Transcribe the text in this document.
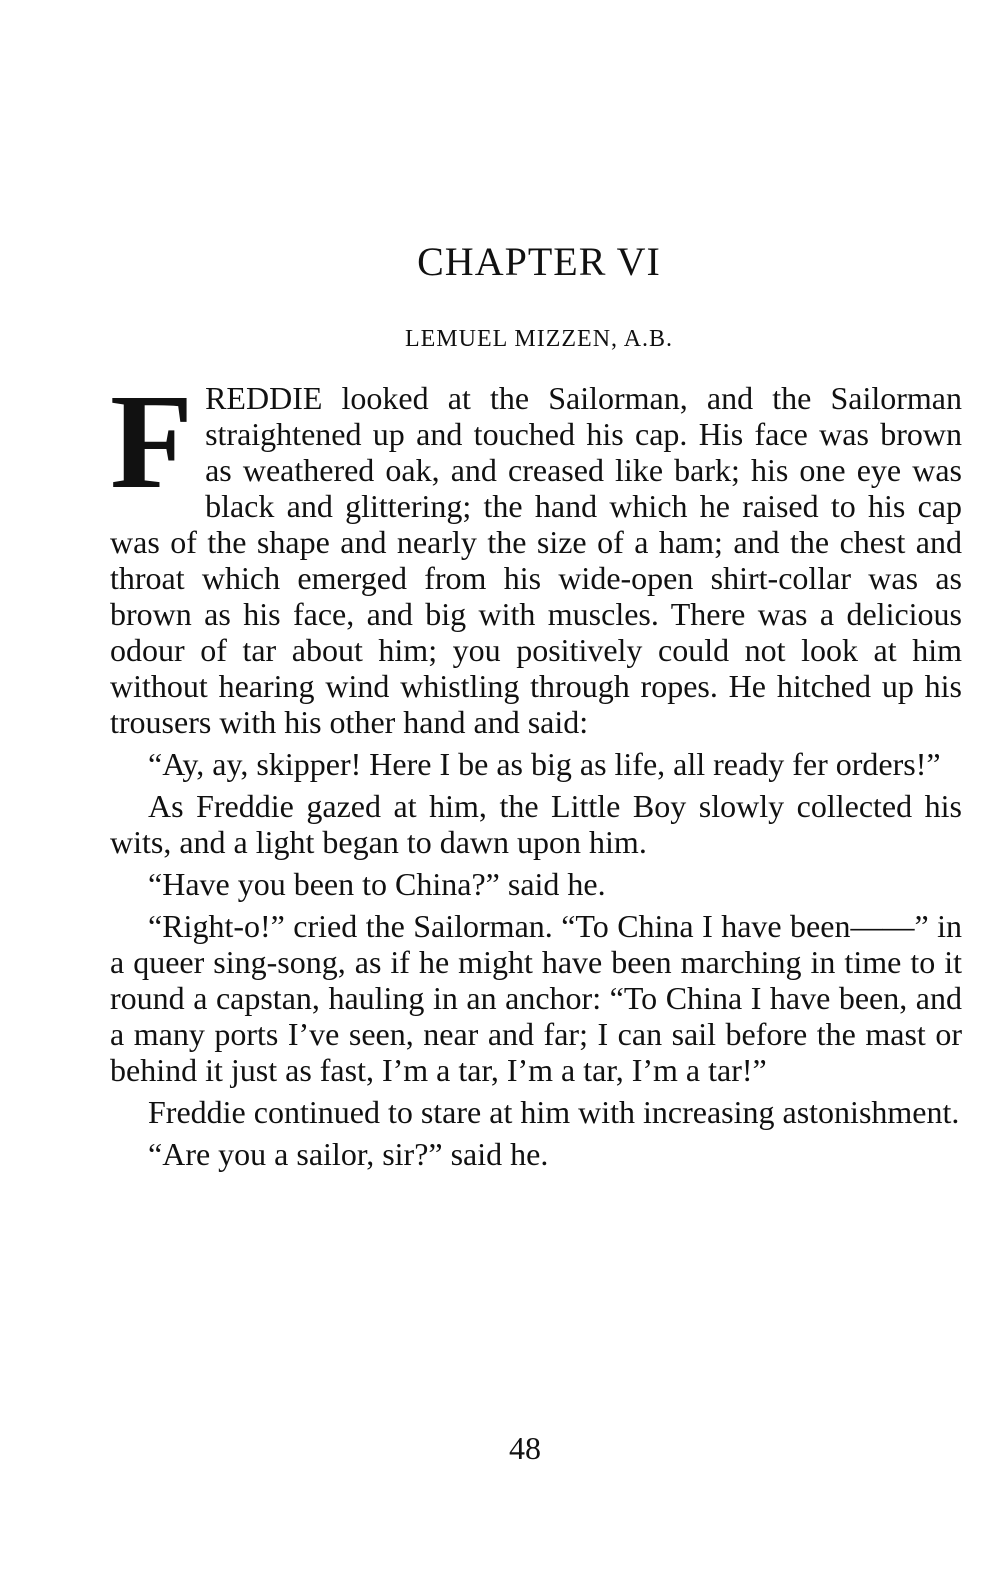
CHAPTER VI
LEMUEL MIZZEN, A.B.

FREDDIE looked at the Sailorman, and the Sailorman straightened up and touched his cap. His face was brown as weathered oak, and creased like bark; his one eye was black and glittering; the hand which he raised to his cap was of the shape and nearly the size of a ham; and the chest and throat which emerged from his wide-open shirt-collar was as brown as his face, and big with muscles. There was a delicious odour of tar about him; you positively could not look at him without hearing wind whistling through ropes. He hitched up his trousers with his other hand and said:

“Ay, ay, skipper! Here I be as big as life, all ready fer orders!”

As Freddie gazed at him, the Little Boy slowly collected his wits, and a light began to dawn upon him.

“Have you been to China?” said he.

“Right-o!” cried the Sailorman. “To China I have been——” in a queer sing-song, as if he might have been marching in time to it round a capstan, hauling in an anchor: “To China I have been, and a many ports I’ve seen, near and far; I can sail before the mast or behind it just as fast, I’m a tar, I’m a tar, I’m a tar!”

Freddie continued to stare at him with increasing astonishment.

“Are you a sailor, sir?” said he.

48
